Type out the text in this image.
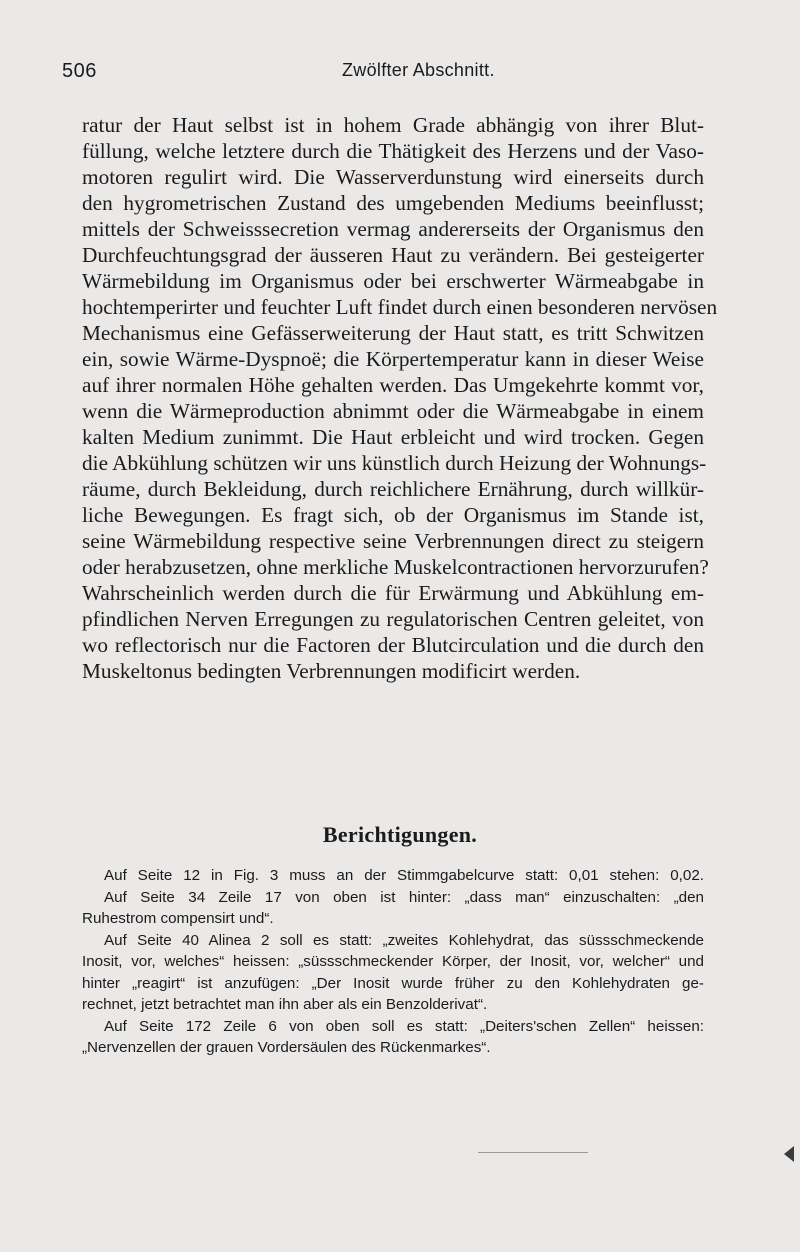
506	Zwölfter Abschnitt.
ratur der Haut selbst ist in hohem Grade abhängig von ihrer Blut-
füllung, welche letztere durch die Thätigkeit des Herzens und der Vaso-
motoren regulirt wird. Die Wasserverdunstung wird einerseits durch
den hygrometrischen Zustand des umgebenden Mediums beeinflusst;
mittels der Schweisssecretion vermag andererseits der Organismus den
Durchfeuchtungsgrad der äusseren Haut zu verändern. Bei gesteigerter
Wärmebildung im Organismus oder bei erschwerter Wärmeabgabe in
hochtemperirter und feuchter Luft findet durch einen besonderen nervösen
Mechanismus eine Gefässerweiterung der Haut statt, es tritt Schwitzen
ein, sowie Wärme-Dyspnoë; die Körpertemperatur kann in dieser Weise
auf ihrer normalen Höhe gehalten werden. Das Umgekehrte kommt vor,
wenn die Wärmeproduction abnimmt oder die Wärmeabgabe in einem
kalten Medium zunimmt. Die Haut erbleicht und wird trocken. Gegen
die Abkühlung schützen wir uns künstlich durch Heizung der Wohnungs-
räume, durch Bekleidung, durch reichlichere Ernährung, durch willkür-
liche Bewegungen. Es fragt sich, ob der Organismus im Stande ist,
seine Wärmebildung respective seine Verbrennungen direct zu steigern
oder herabzusetzen, ohne merkliche Muskelcontractionen hervorzurufen?
Wahrscheinlich werden durch die für Erwärmung und Abkühlung em-
pfindlichen Nerven Erregungen zu regulatorischen Centren geleitet, von
wo reflectorisch nur die Factoren der Blutcirculation und die durch den
Muskeltonus bedingten Verbrennungen modificirt werden.
Berichtigungen.
Auf Seite 12 in Fig. 3 muss an der Stimmgabelcurve statt: 0,01 stehen: 0,02.
Auf Seite 34 Zeile 17 von oben ist hinter: „dass man“ einzuschalten: „den
Ruhestrom compensirt und“.
Auf Seite 40 Alinea 2 soll es statt: „zweites Kohlehydrat, das süssschmeckende
Inosit, vor, welches“ heissen: „süssschmeckender Körper, der Inosit, vor, welcher“ und
hinter „reagirt“ ist anzufügen: „Der Inosit wurde früher zu den Kohlehydraten ge-
rechnet, jetzt betrachtet man ihn aber als ein Benzolderivat“.
Auf Seite 172 Zeile 6 von oben soll es statt: „Deiters'schen Zellen“ heissen:
„Nervenzellen der grauen Vordersäulen des Rückenmarkes“.
